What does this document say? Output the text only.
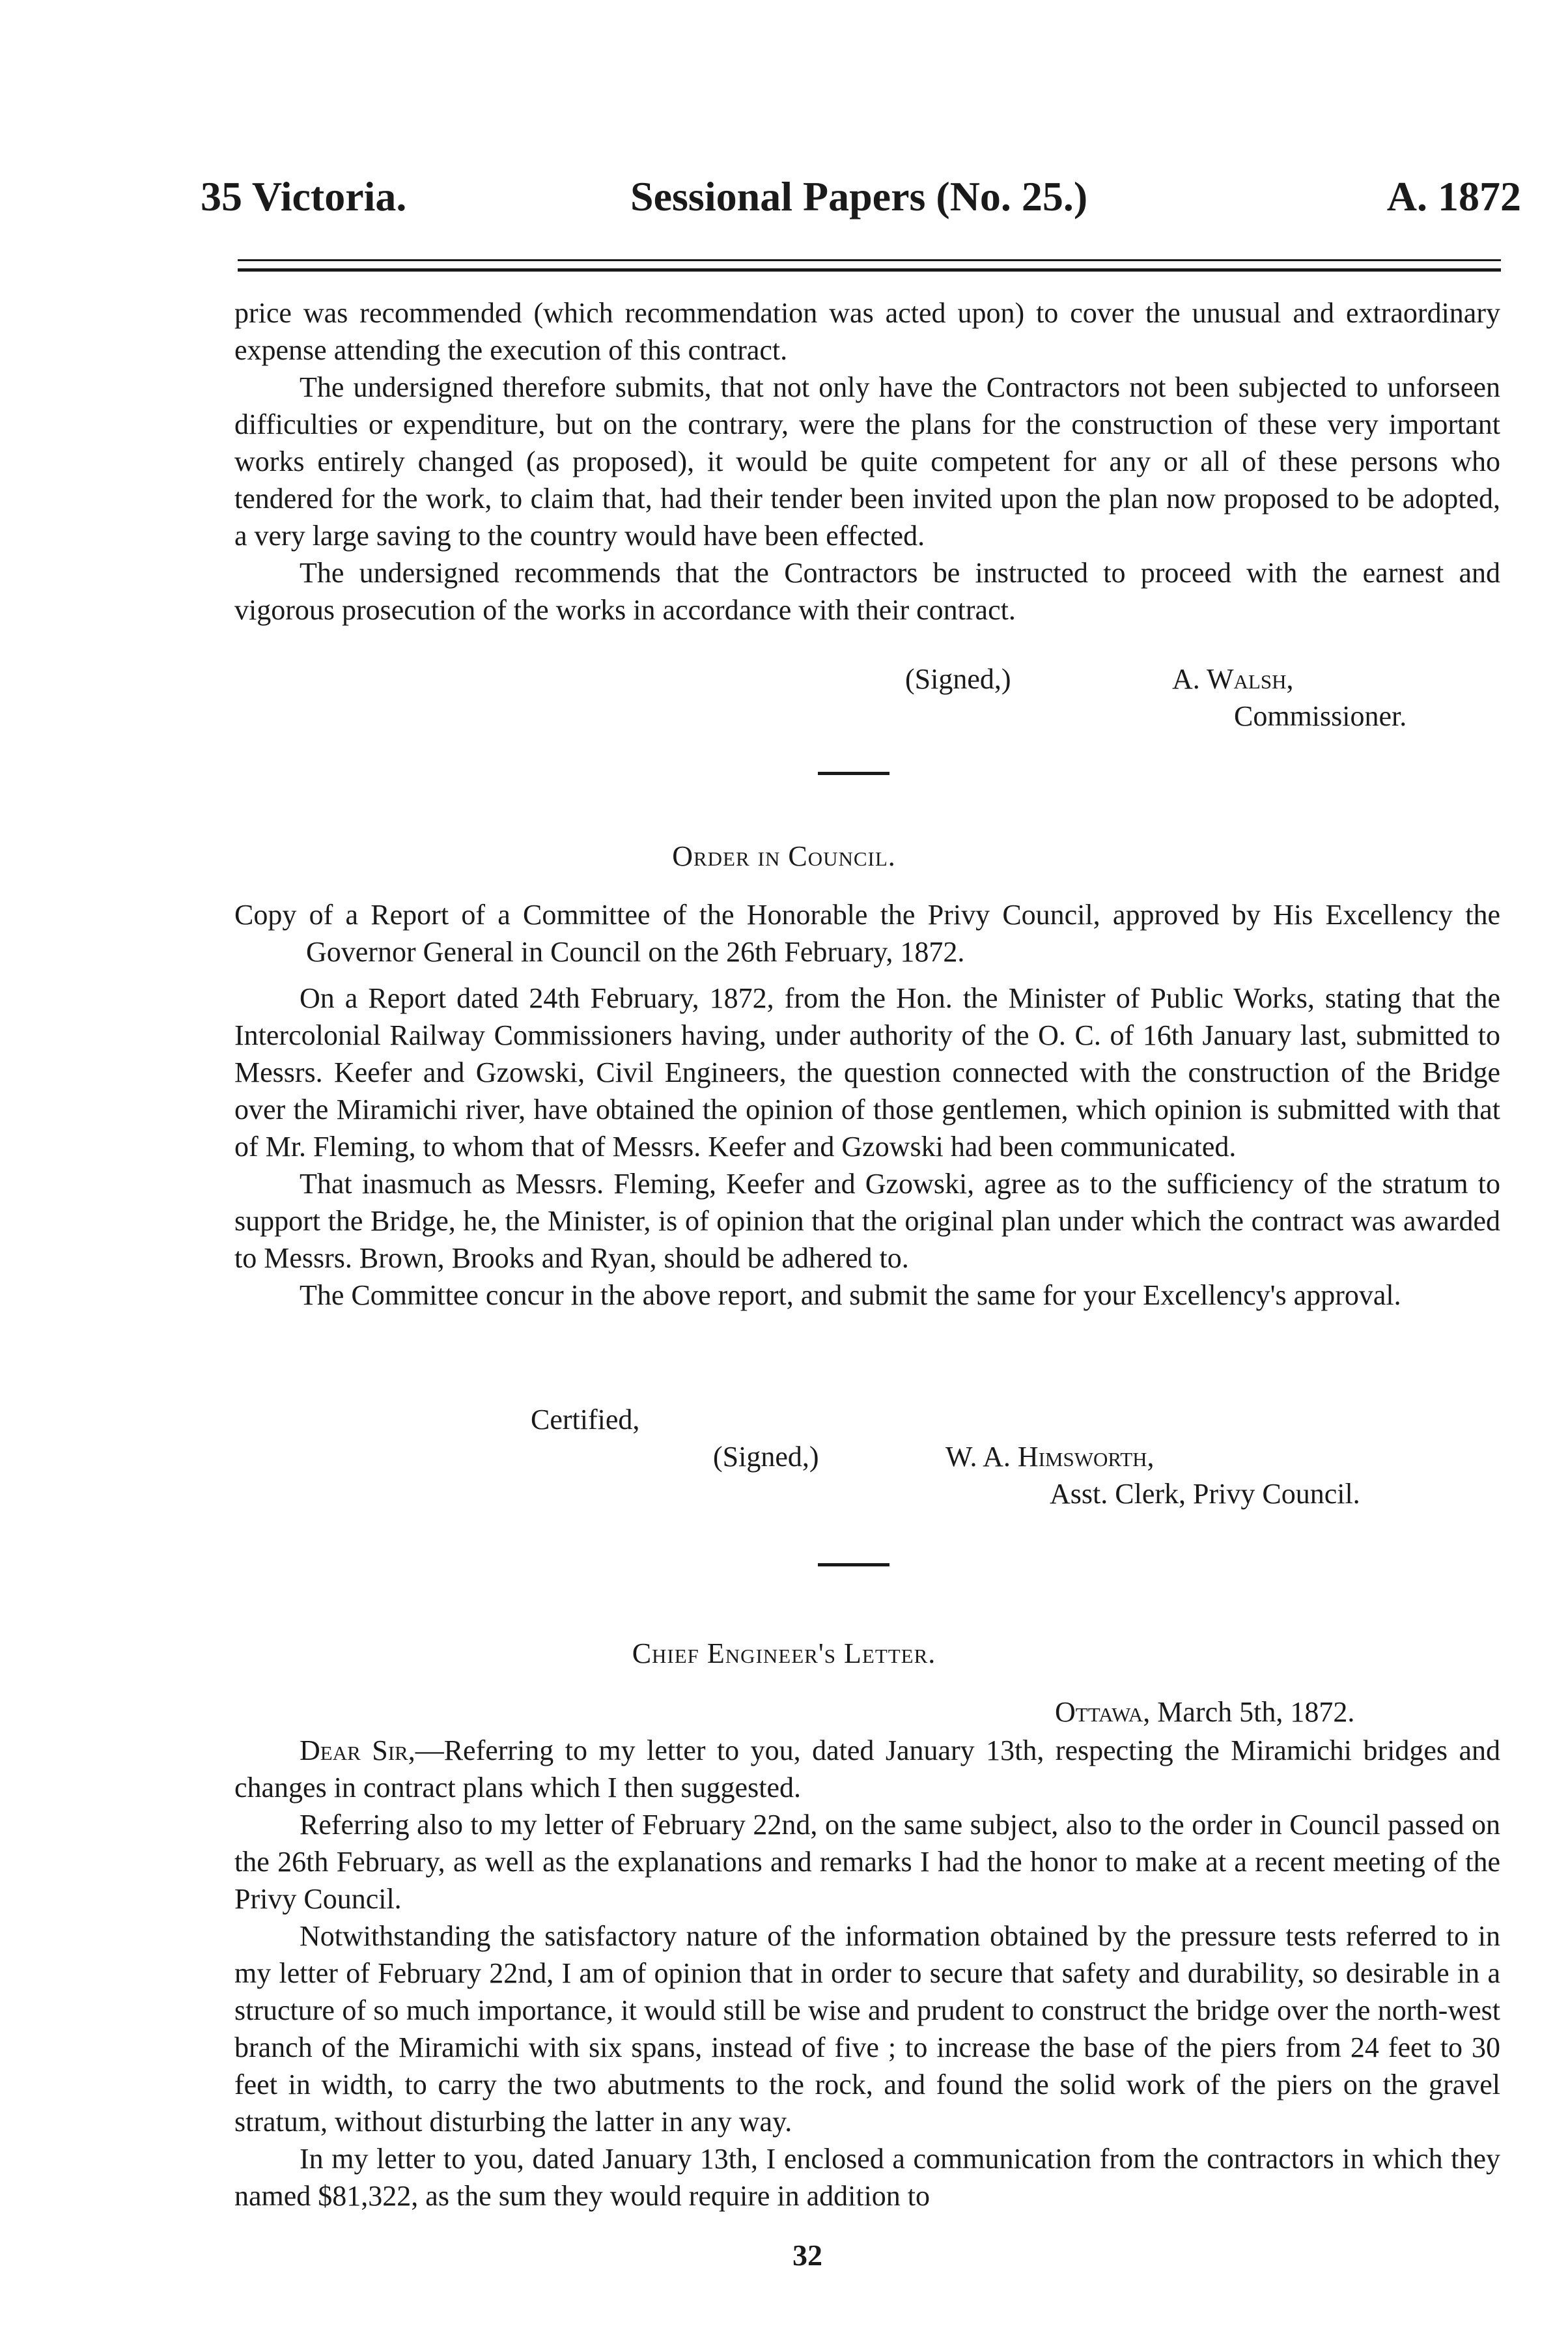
35 Victoria.	Sessional Papers (No. 25.)	A. 1872

price was recommended (which recommendation was acted upon) to cover the unusual and extraordinary expense attending the execution of this contract.

The undersigned therefore submits, that not only have the Contractors not been subjected to unforseen difficulties or expenditure, but on the contrary, were the plans for the construction of these very important works entirely changed (as proposed), it would be quite competent for any or all of these persons who tendered for the work, to claim that, had their tender been invited upon the plan now proposed to be adopted, a very large saving to the country would have been effected.

The undersigned recommends that the Contractors be instructed to proceed with the earnest and vigorous prosecution of the works in accordance with their contract.

(Signed,)	A. Walsh,
Commissioner.
Order in Council.

Copy of a Report of a Committee of the Honorable the Privy Council, approved by His Excellency the Governor General in Council on the 26th February, 1872.

On a Report dated 24th February, 1872, from the Hon. the Minister of Public Works, stating that the Intercolonial Railway Commissioners having, under authority of the O. C. of 16th January last, submitted to Messrs. Keefer and Gzowski, Civil Engineers, the question connected with the construction of the Bridge over the Miramichi river, have obtained the opinion of those gentlemen, which opinion is submitted with that of Mr. Fleming, to whom that of Messrs. Keefer and Gzowski had been communicated.

That inasmuch as Messrs. Fleming, Keefer and Gzowski, agree as to the sufficiency of the stratum to support the Bridge, he, the Minister, is of opinion that the original plan under which the contract was awarded to Messrs. Brown, Brooks and Ryan, should be adhered to.

The Committee concur in the above report, and submit the same for your Excellency's approval.

Certified,
(Signed,)	W. A. Himsworth,
Asst. Clerk, Privy Council.
Chief Engineer's Letter.
Ottawa, March 5th, 1872.

Dear Sir,—Referring to my letter to you, dated January 13th, respecting the Miramichi bridges and changes in contract plans which I then suggested.

Referring also to my letter of February 22nd, on the same subject, also to the order in Council passed on the 26th February, as well as the explanations and remarks I had the honor to make at a recent meeting of the Privy Council.

Notwithstanding the satisfactory nature of the information obtained by the pressure tests referred to in my letter of February 22nd, I am of opinion that in order to secure that safety and durability, so desirable in a structure of so much importance, it would still be wise and prudent to construct the bridge over the north-west branch of the Miramichi with six spans, instead of five ; to increase the base of the piers from 24 feet to 30 feet in width, to carry the two abutments to the rock, and found the solid work of the piers on the gravel stratum, without disturbing the latter in any way.

In my letter to you, dated January 13th, I enclosed a communication from the contractors in which they named $81,322, as the sum they would require in addition to

32
